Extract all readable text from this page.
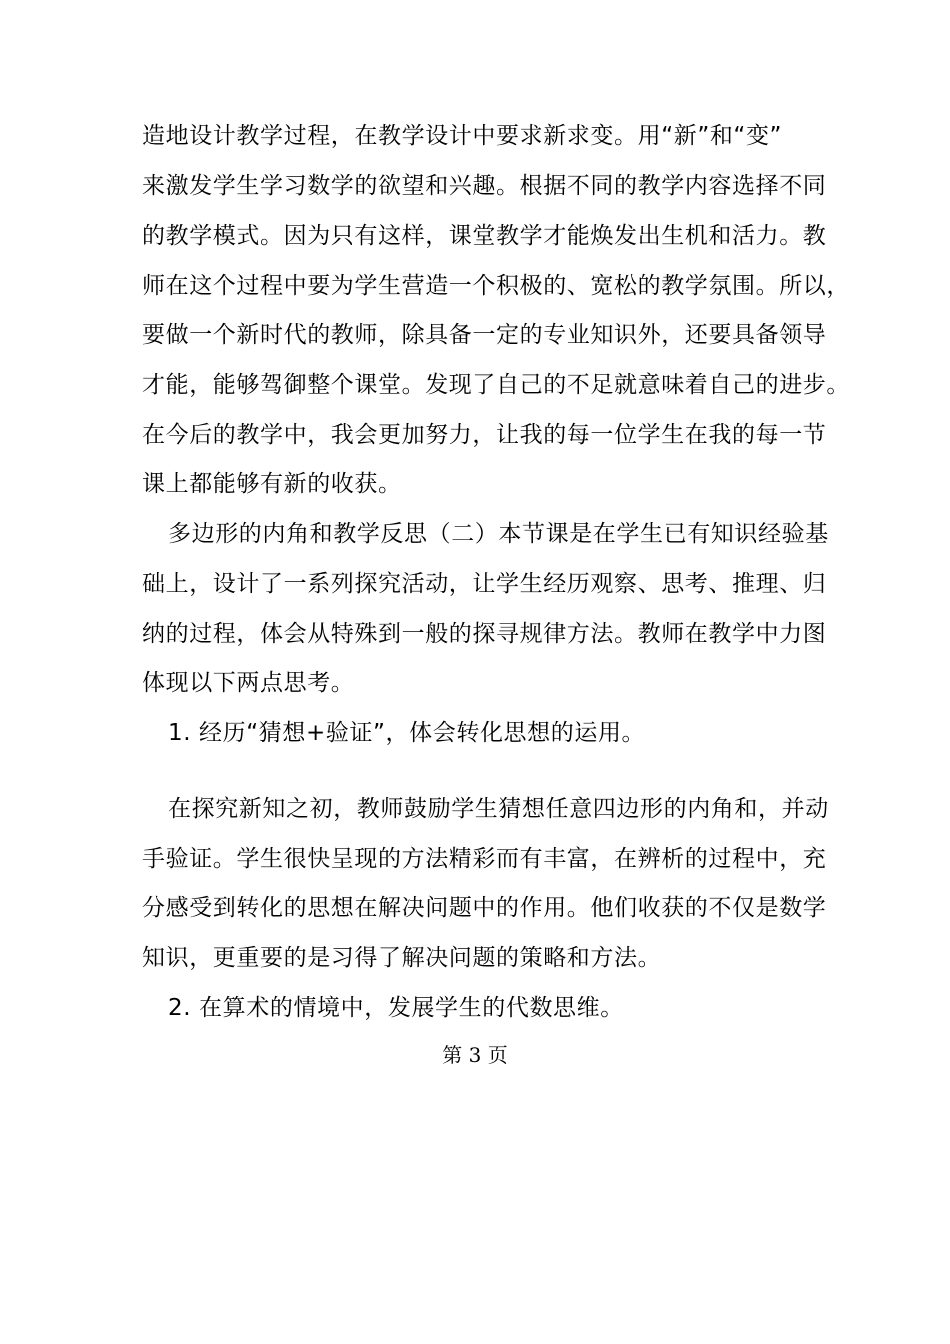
造地设计教学过程，在教学设计中要求新求变。用“新”和“变”
来激发学生学习数学的欲望和兴趣。根据不同的教学内容选择不同
的教学模式。因为只有这样，课堂教学才能焕发出生机和活力。教
师在这个过程中要为学生营造一个积极的、宽松的教学氛围。所以，
要做一个新时代的教师，除具备一定的专业知识外，还要具备领导
才能，能够驾御整个课堂。发现了自己的不足就意味着自己的进步。
在今后的教学中，我会更加努力，让我的每一位学生在我的每一节
课上都能够有新的收获。
多边形的内角和教学反思（二）本节课是在学生已有知识经验基
础上，设计了一系列探究活动，让学生经历观察、思考、推理、归
纳的过程，体会从特殊到一般的探寻规律方法。教师在教学中力图
体现以下两点思考。
1. 经历“猜想+验证”，体会转化思想的运用。
在探究新知之初，教师鼓励学生猜想任意四边形的内角和，并动
手验证。学生很快呈现的方法精彩而有丰富，在辨析的过程中，充
分感受到转化的思想在解决问题中的作用。他们收获的不仅是数学
知识，更重要的是习得了解决问题的策略和方法。
2. 在算术的情境中，发展学生的代数思维。
第 3 页
